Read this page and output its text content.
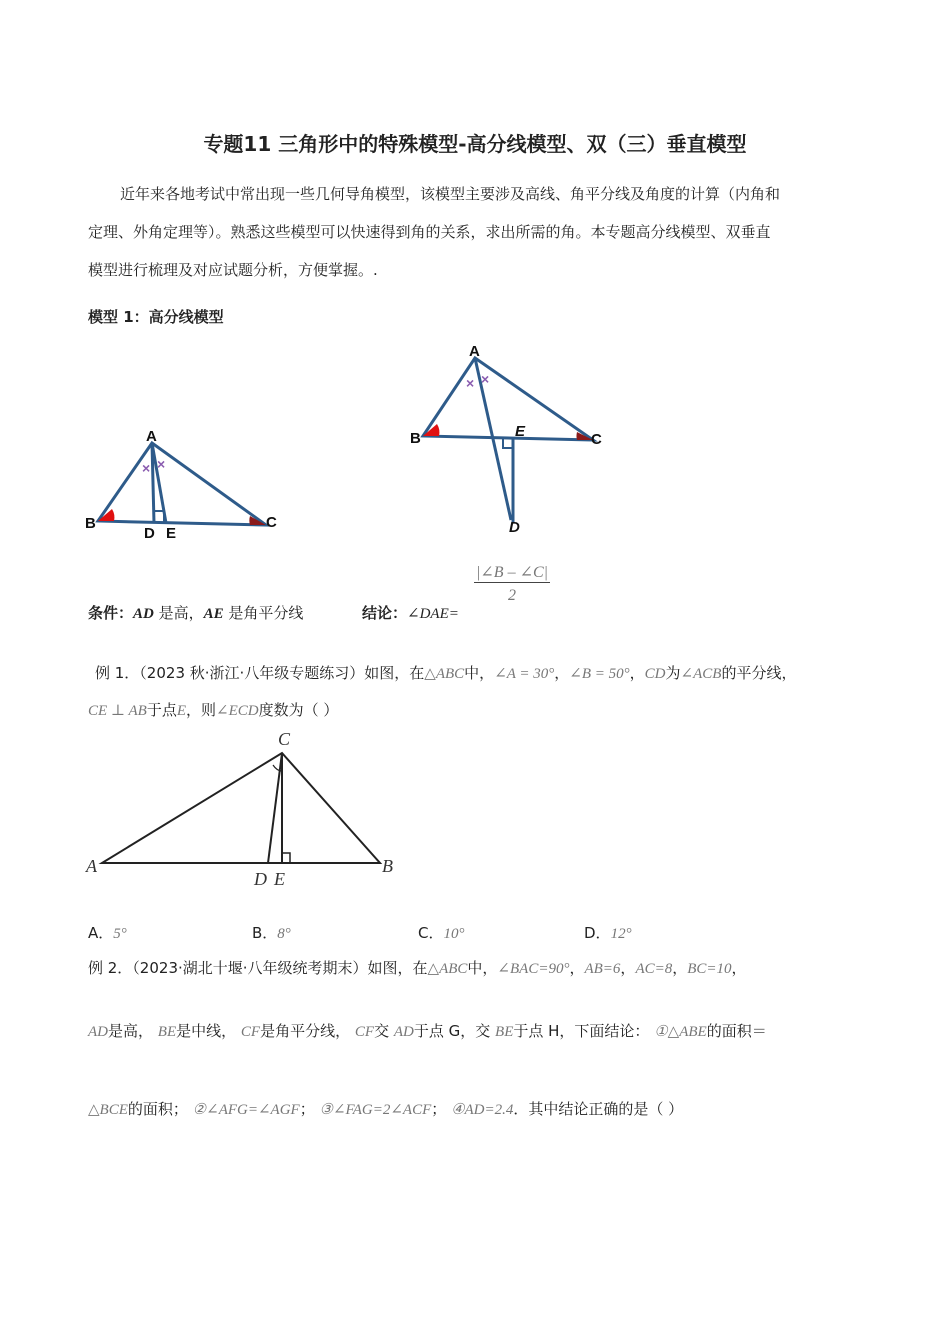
专题11 三角形中的特殊模型-高分线模型、双（三）垂直模型
近年来各地考试中常出现一些几何导角模型，该模型主要涉及高线、角平分线及角度的计算（内角和
定理、外角定理等）。熟悉这些模型可以快速得到角的关系，求出所需的角。本专题高分线模型、双垂直
模型进行梳理及对应试题分析，方便掌握。.
模型 1：高分线模型
× ×
A
B	C
D E
× ×
A
B	C
D
E
$\frac{|\angle B - \angle C|}{2}$
条件：AD 是高，AE 是角平分线	结论：∠DAE=
例 1．（2023 秋·浙江·八年级专题练习）如图，在△ABC中，∠A = 30°，∠B = 50°，CD为∠ACB的平分线，
CE ⊥ AB于点E，则∠ECD度数为（ ）
C
A	B
D E
A．5°	B．8°	C．10°	D．12°
例 2．（2023·湖北十堰·八年级统考期末）如图，在△ABC中，∠BAC=90°，AB=6，AC=8，BC=10，
AD是高， BE是中线， CF是角平分线， CF交 AD于点 G，交 BE于点 H，下面结论： ①△ABE的面积＝
△BCE的面积； ②∠AFG=∠AGF； ③∠FAG=2∠ACF； ④AD=2.4．其中结论正确的是（ ）
